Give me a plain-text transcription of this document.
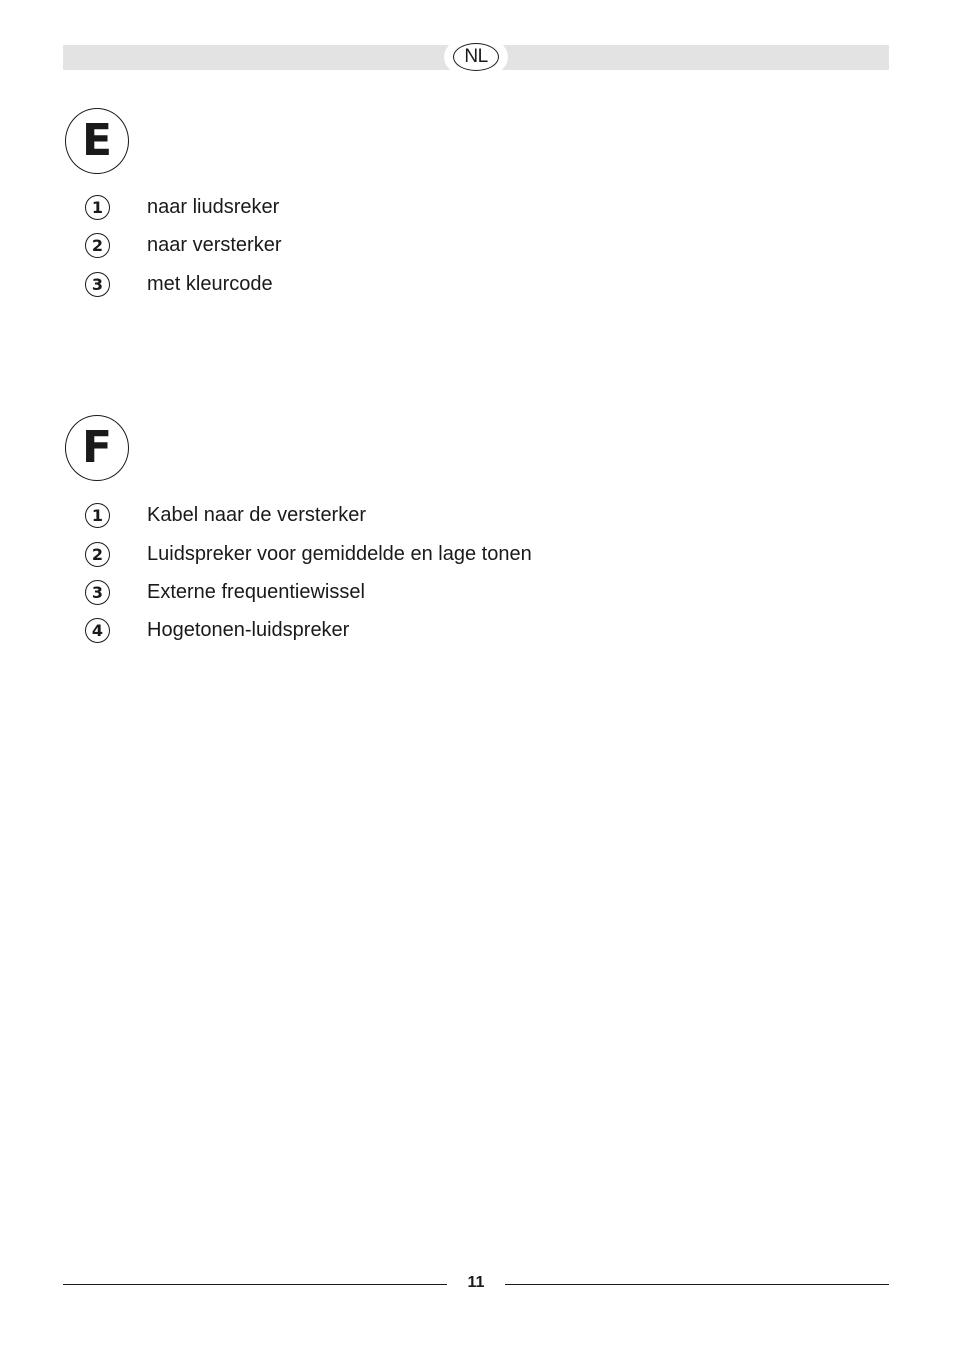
NL
E
1	naar liudsreker
2	naar versterker
3	met kleurcode
F
1	Kabel naar de versterker
2	Luidspreker voor gemiddelde en lage tonen
3	Externe frequentiewissel
4	Hogetonen-luidspreker
11
